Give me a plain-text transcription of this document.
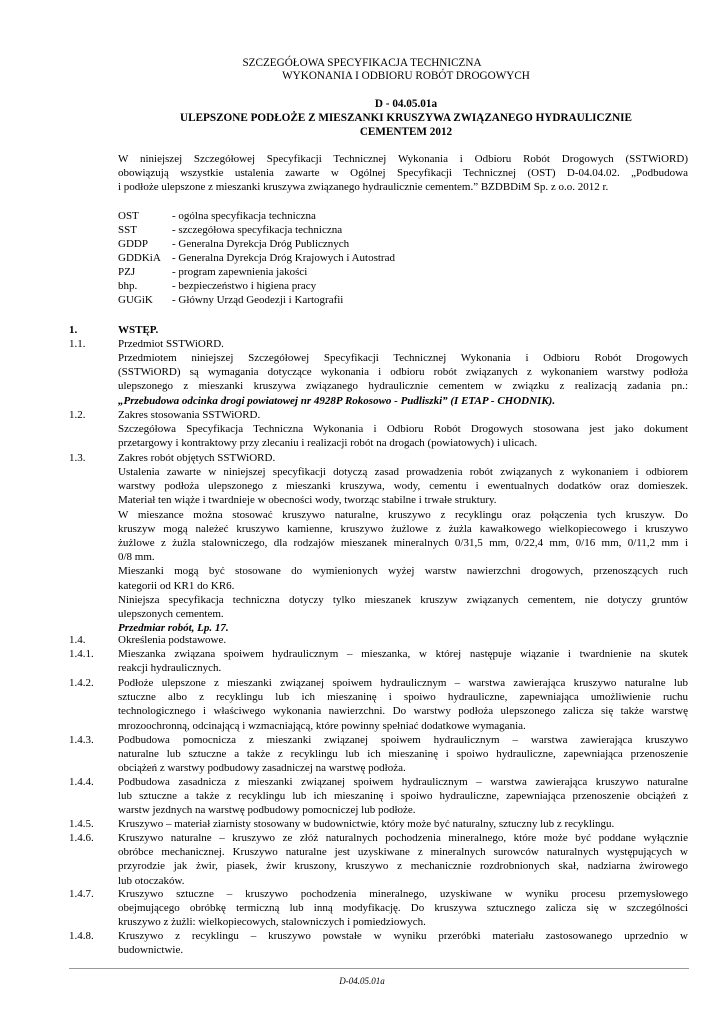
SZCZEGÓŁOWA SPECYFIKACJA TECHNICZNA
WYKONANIA I ODBIORU ROBÓT DROGOWYCH
D - 04.05.01a
ULEPSZONE PODŁOŻE Z MIESZANKI KRUSZYWA ZWIĄZANEGO HYDRAULICZNIE
CEMENTEM 2012
W niniejszej Szczegółowej Specyfikacji Technicznej Wykonania i Odbioru Robót Drogowych (SSTWiORD)
obowiązują wszystkie ustalenia zawarte w Ogólnej Specyfikacji Technicznej (OST) D-04.04.02. „Podbudowa
i podłoże ulepszone z mieszanki kruszywa związanego hydraulicznie cementem.” BZDBDiM Sp. z o.o. 2012 r.
OST	- ogólna specyfikacja techniczna
SST	- szczegółowa specyfikacja techniczna
GDDP - Generalna Dyrekcja Dróg Publicznych
GDDKiA - Generalna Dyrekcja Dróg Krajowych i Autostrad
PZJ	- program zapewnienia jakości
bhp.	- bezpieczeństwo i higiena pracy
GUGiK - Główny Urząd Geodezji i Kartografii
1.	WSTĘP.
1.1.	Przedmiot SSTWiORD.
Przedmiotem niniejszej Szczegółowej Specyfikacji Technicznej Wykonania i Odbioru Robót Drogowych
(SSTWiORD) są wymagania dotyczące wykonania i odbioru robót związanych z wykonaniem warstwy podłoża
ulepszonego z mieszanki kruszywa związanego hydraulicznie cementem w związku z realizacją zadania pn.:
„Przebudowa odcinka drogi powiatowej nr 4928P Rokosowo - Pudliszki” (I ETAP - CHODNIK).
1.2.	Zakres stosowania SSTWiORD.
Szczegółowa Specyfikacja Techniczna Wykonania i Odbioru Robót Drogowych stosowana jest jako dokument
przetargowy i kontraktowy przy zlecaniu i realizacji robót na drogach (powiatowych) i ulicach.
1.3.	Zakres robót objętych SSTWiORD.
Ustalenia zawarte w niniejszej specyfikacji dotyczą zasad prowadzenia robót związanych z wykonaniem i odbiorem
warstwy podłoża ulepszonego z mieszanki kruszywa, wody, cementu i ewentualnych dodatków oraz domieszek.
Materiał ten wiąże i twardnieje w obecności wody, tworząc stabilne i trwałe struktury.
W mieszance można stosować kruszywo naturalne, kruszywo z recyklingu oraz połączenia tych kruszyw. Do
kruszyw mogą należeć kruszywo kamienne, kruszywo żużlowe z żużla kawałkowego wielkopiecowego i kruszywo
żużlowe z żużla stalowniczego, dla rodzajów mieszanek mineralnych 0/31,5 mm, 0/22,4 mm, 0/16 mm, 0/11,2 mm i
0/8 mm.
Mieszanki mogą być stosowane do wymienionych wyżej warstw nawierzchni drogowych, przenoszących ruch
kategorii od KR1 do KR6.
Niniejsza specyfikacja techniczna dotyczy tylko mieszanek kruszyw związanych cementem, nie dotyczy gruntów
ulepszonych cementem.
Przedmiar robót, Lp. 17.
1.4.	Określenia podstawowe.
1.4.1. Mieszanka związana spoiwem hydraulicznym – mieszanka, w której następuje wiązanie i twardnienie na skutek
reakcji hydraulicznych.
1.4.2. Podłoże ulepszone z mieszanki związanej spoiwem hydraulicznym – warstwa zawierająca kruszywo naturalne lub
sztuczne albo z recyklingu lub ich mieszaninę i spoiwo hydrauliczne, zapewniająca umożliwienie ruchu
technologicznego i właściwego wykonania nawierzchni. Do warstwy podłoża ulepszonego zalicza się także warstwę
mrozoochronną, odcinającą i wzmacniającą, które powinny spełniać dodatkowe wymagania.
1.4.3. Podbudowa pomocnicza z mieszanki związanej spoiwem hydraulicznym – warstwa zawierająca kruszywo
naturalne lub sztuczne a także z recyklingu lub ich mieszaninę i spoiwo hydrauliczne, zapewniająca przenoszenie
obciążeń z warstwy podbudowy zasadniczej na warstwę podłoża.
1.4.4. Podbudowa zasadnicza z mieszanki związanej spoiwem hydraulicznym – warstwa zawierająca kruszywo naturalne
lub sztuczne a także z recyklingu lub ich mieszaninę i spoiwo hydrauliczne, zapewniająca przenoszenie obciążeń z
warstw jezdnych na warstwę podbudowy pomocniczej lub podłoże.
1.4.5. Kruszywo – materiał ziarnisty stosowany w budownictwie, który może być naturalny, sztuczny lub z recyklingu.
1.4.6. Kruszywo naturalne – kruszywo ze złóż naturalnych pochodzenia mineralnego, które może być poddane wyłącznie
obróbce mechanicznej. Kruszywo naturalne jest uzyskiwane z mineralnych surowców naturalnych występujących w
przyrodzie jak żwir, piasek, żwir kruszony, kruszywo z mechanicznie rozdrobnionych skał, nadziarna żwirowego
lub otoczaków.
1.4.7. Kruszywo sztuczne – kruszywo pochodzenia mineralnego, uzyskiwane w wyniku procesu przemysłowego
obejmującego obróbkę termiczną lub inną modyfikację. Do kruszywa sztucznego zalicza się w szczególności
kruszywo z żużli: wielkopiecowych, stalowniczych i pomiedziowych.
1.4.8. Kruszywo z recyklingu – kruszywo powstałe w wyniku przeróbki materiału zastosowanego uprzednio w
budownictwie.
D-04.05.01a
